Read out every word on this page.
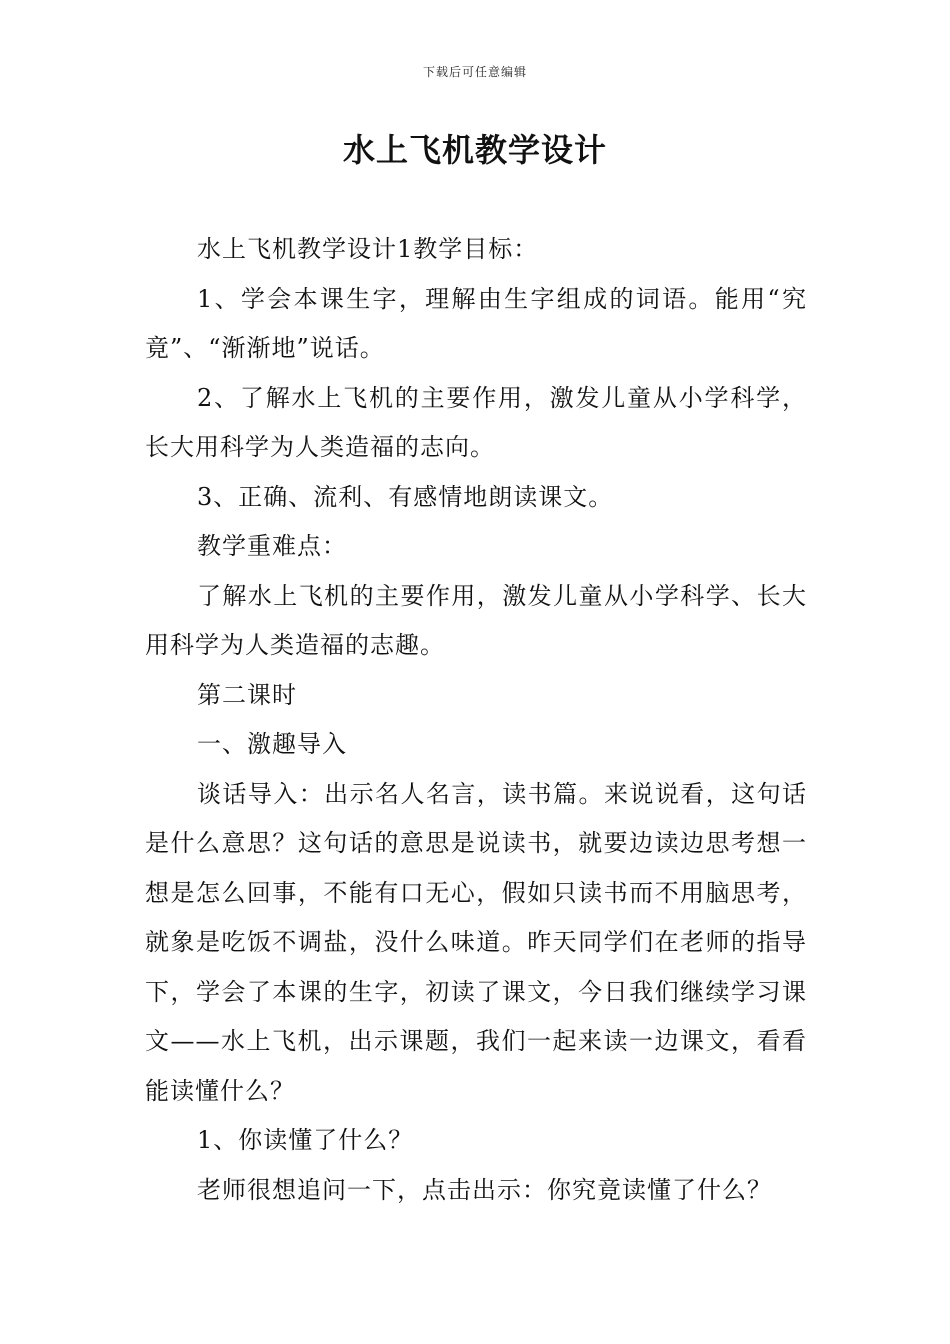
下载后可任意编辑
水上飞机教学设计

水上飞机教学设计1教学目标：

1、学会本课生字，理解由生字组成的词语。能用“究竟”、“渐渐地”说话。

2、了解水上飞机的主要作用，激发儿童从小学科学，长大用科学为人类造福的志向。

3、正确、流利、有感情地朗读课文。

教学重难点：

了解水上飞机的主要作用，激发儿童从小学科学、长大用科学为人类造福的志趣。

第二课时

一、激趣导入

谈话导入：出示名人名言，读书篇。来说说看，这句话是什么意思？这句话的意思是说读书，就要边读边思考想一想是怎么回事，不能有口无心，假如只读书而不用脑思考，就象是吃饭不调盐，没什么味道。昨天同学们在老师的指导下，学会了本课的生字，初读了课文，今日我们继续学习课文——水上飞机，出示课题，我们一起来读一边课文，看看能读懂什么？

1、你读懂了什么？

老师很想追问一下，点击出示：你究竟读懂了什么？
